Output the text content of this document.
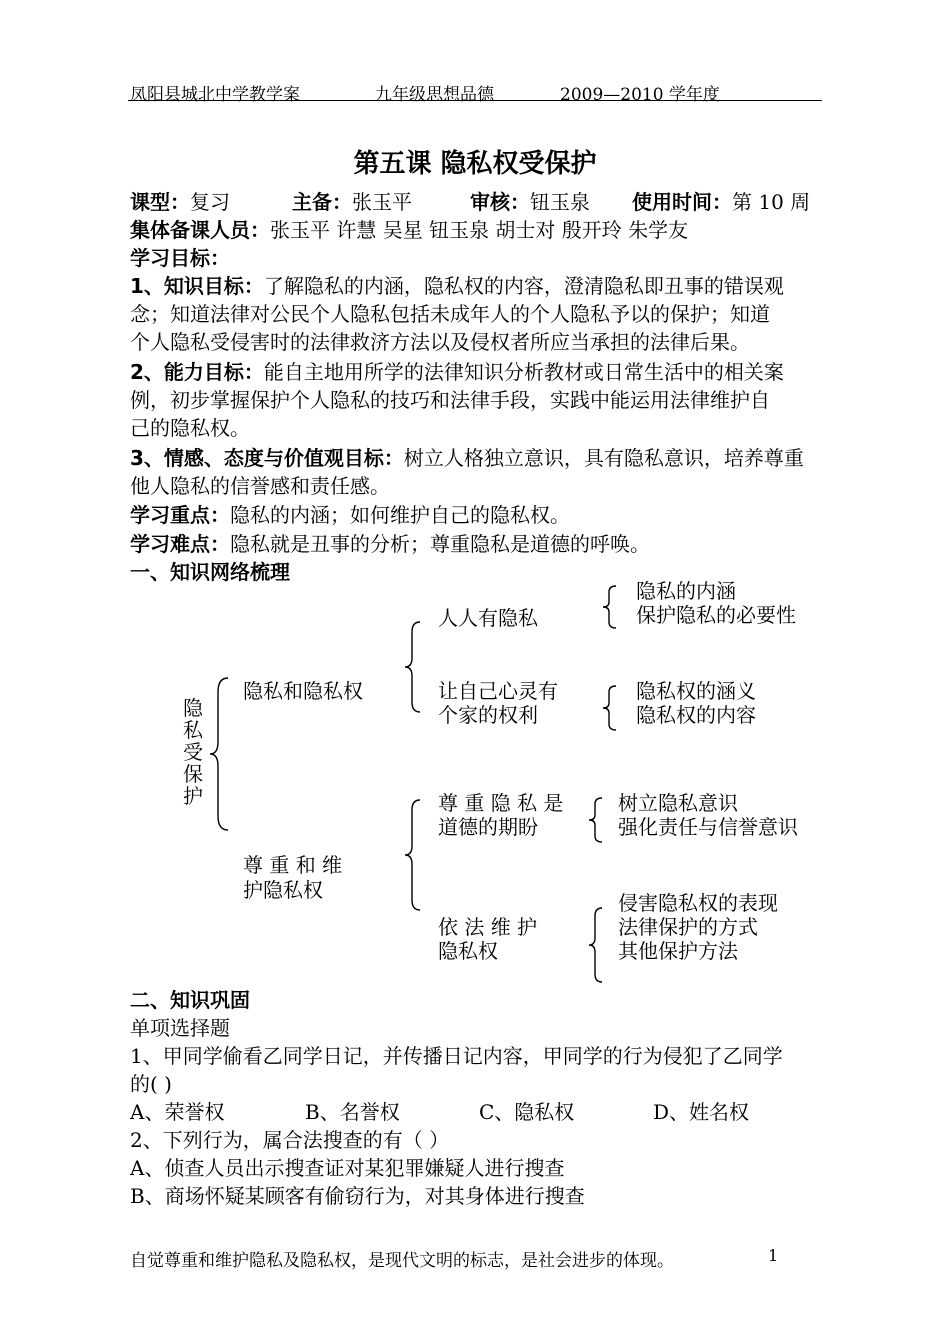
凤阳县城北中学教学案	九年级思想品德	2009—2010 学年度
第五课 隐私权受保护
课型：复习	主备：张玉平	审核：钮玉泉 使用时间：第 10 周
集体备课人员：张玉平 许慧 吴星 钮玉泉 胡士对 殷开玲 朱学友
学习目标：
1、知识目标：了解隐私的内涵，隐私权的内容，澄清隐私即丑事的错误观
念；知道法律对公民个人隐私包括未成年人的个人隐私予以的保护；知道
个人隐私受侵害时的法律救济方法以及侵权者所应当承担的法律后果。
2、能力目标：能自主地用所学的法律知识分析教材或日常生活中的相关案
例，初步掌握保护个人隐私的技巧和法律手段，实践中能运用法律维护自
己的隐私权。
3、情感、态度与价值观目标：树立人格独立意识，具有隐私意识，培养尊重
他人隐私的信誉感和责任感。
学习重点：隐私的内涵；如何维护自己的隐私权。
学习难点：隐私就是丑事的分析；尊重隐私是道德的呼唤。
一、知识网络梳理
隐
私
受
保
护
隐私和隐私权
人人有隐私
隐私的内涵
保护隐私的必要性
让自己心灵有
个家的权利
隐私权的涵义
隐私权的内容
尊 重 和 维
护隐私权
尊 重 隐 私 是
道德的期盼
树立隐私意识
强化责任与信誉意识
依 法 维 护
隐私权
侵害隐私权的表现
法律保护的方式
其他保护方法
二、知识巩固
单项选择题
1、甲同学偷看乙同学日记，并传播日记内容，甲同学的行为侵犯了乙同学
的( )
A、荣誉权	B、名誉权	C、隐私权	D、姓名权
2、下列行为，属合法搜查的有（ ）
A、侦查人员出示搜查证对某犯罪嫌疑人进行搜查
B、商场怀疑某顾客有偷窃行为，对其身体进行搜查
自觉尊重和维护隐私及隐私权，是现代文明的标志，是社会进步的体现。	1
